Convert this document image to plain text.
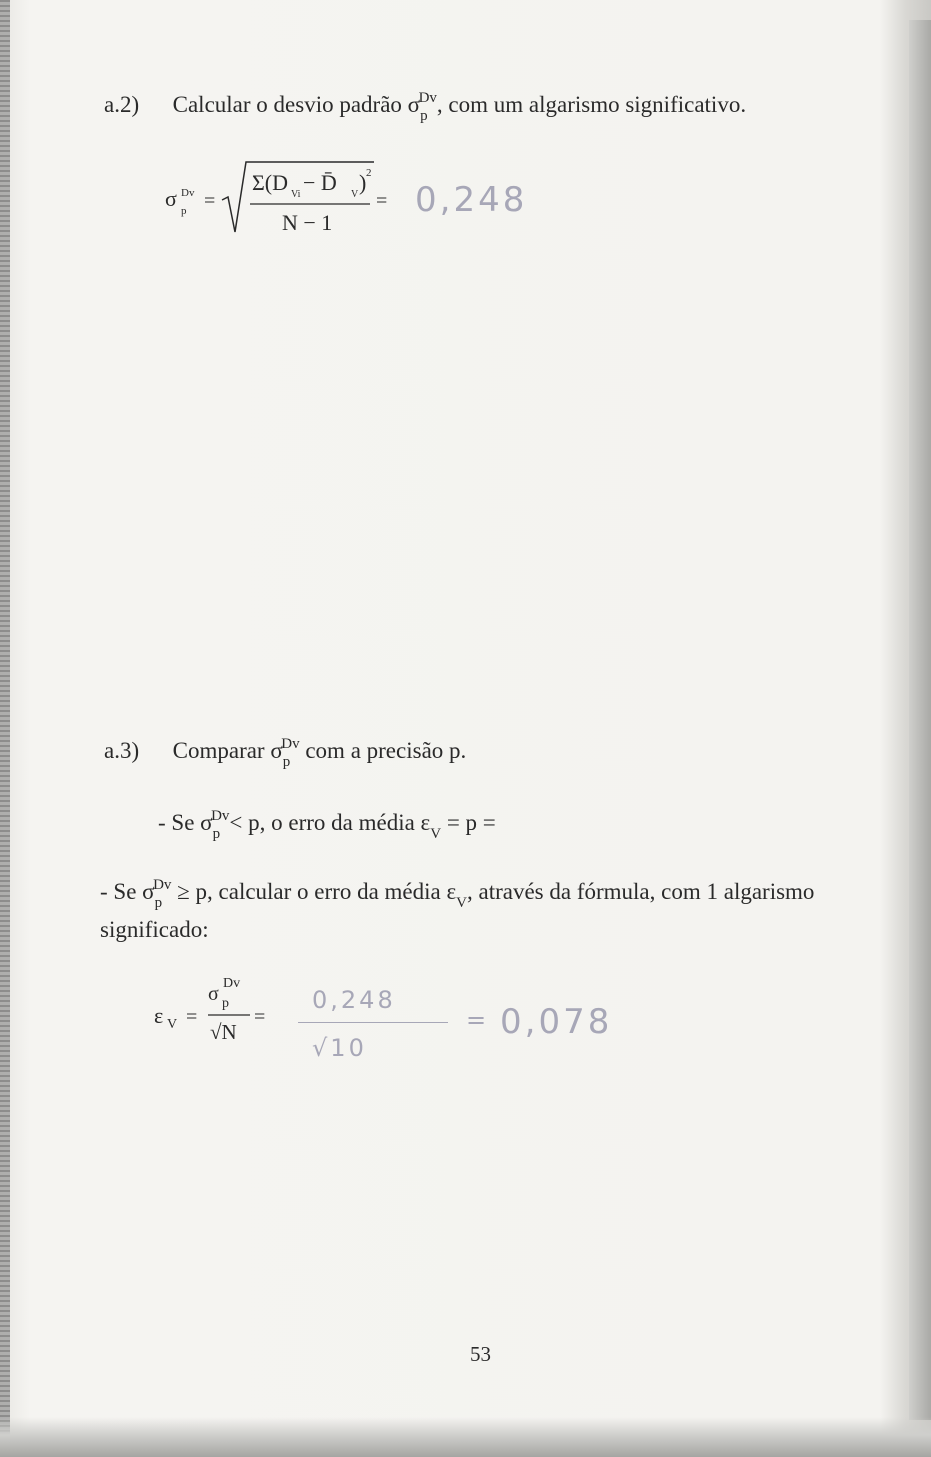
a.2) Calcular o desvio padrão $\sigma_p^{Dv}$, com um algarismo significativo.
σ p
Dv =
Σ(D Vi − D̄ V ) 2
N − 1
= 0,248
a.3) Comparar $\sigma_p^{Dv}$ com a precisão p.
- Se $\sigma_p^{Dv}< p$, o erro da média $\varepsilon_V = p$ =
- Se $\sigma_p^{Dv} \ge p$, calcular o erro da média $\varepsilon_V$, através da fórmula, com 1 algarismo
significado:
ε V =
σ p
Dv
√N
=
0,248
√10
= 0,078
53
